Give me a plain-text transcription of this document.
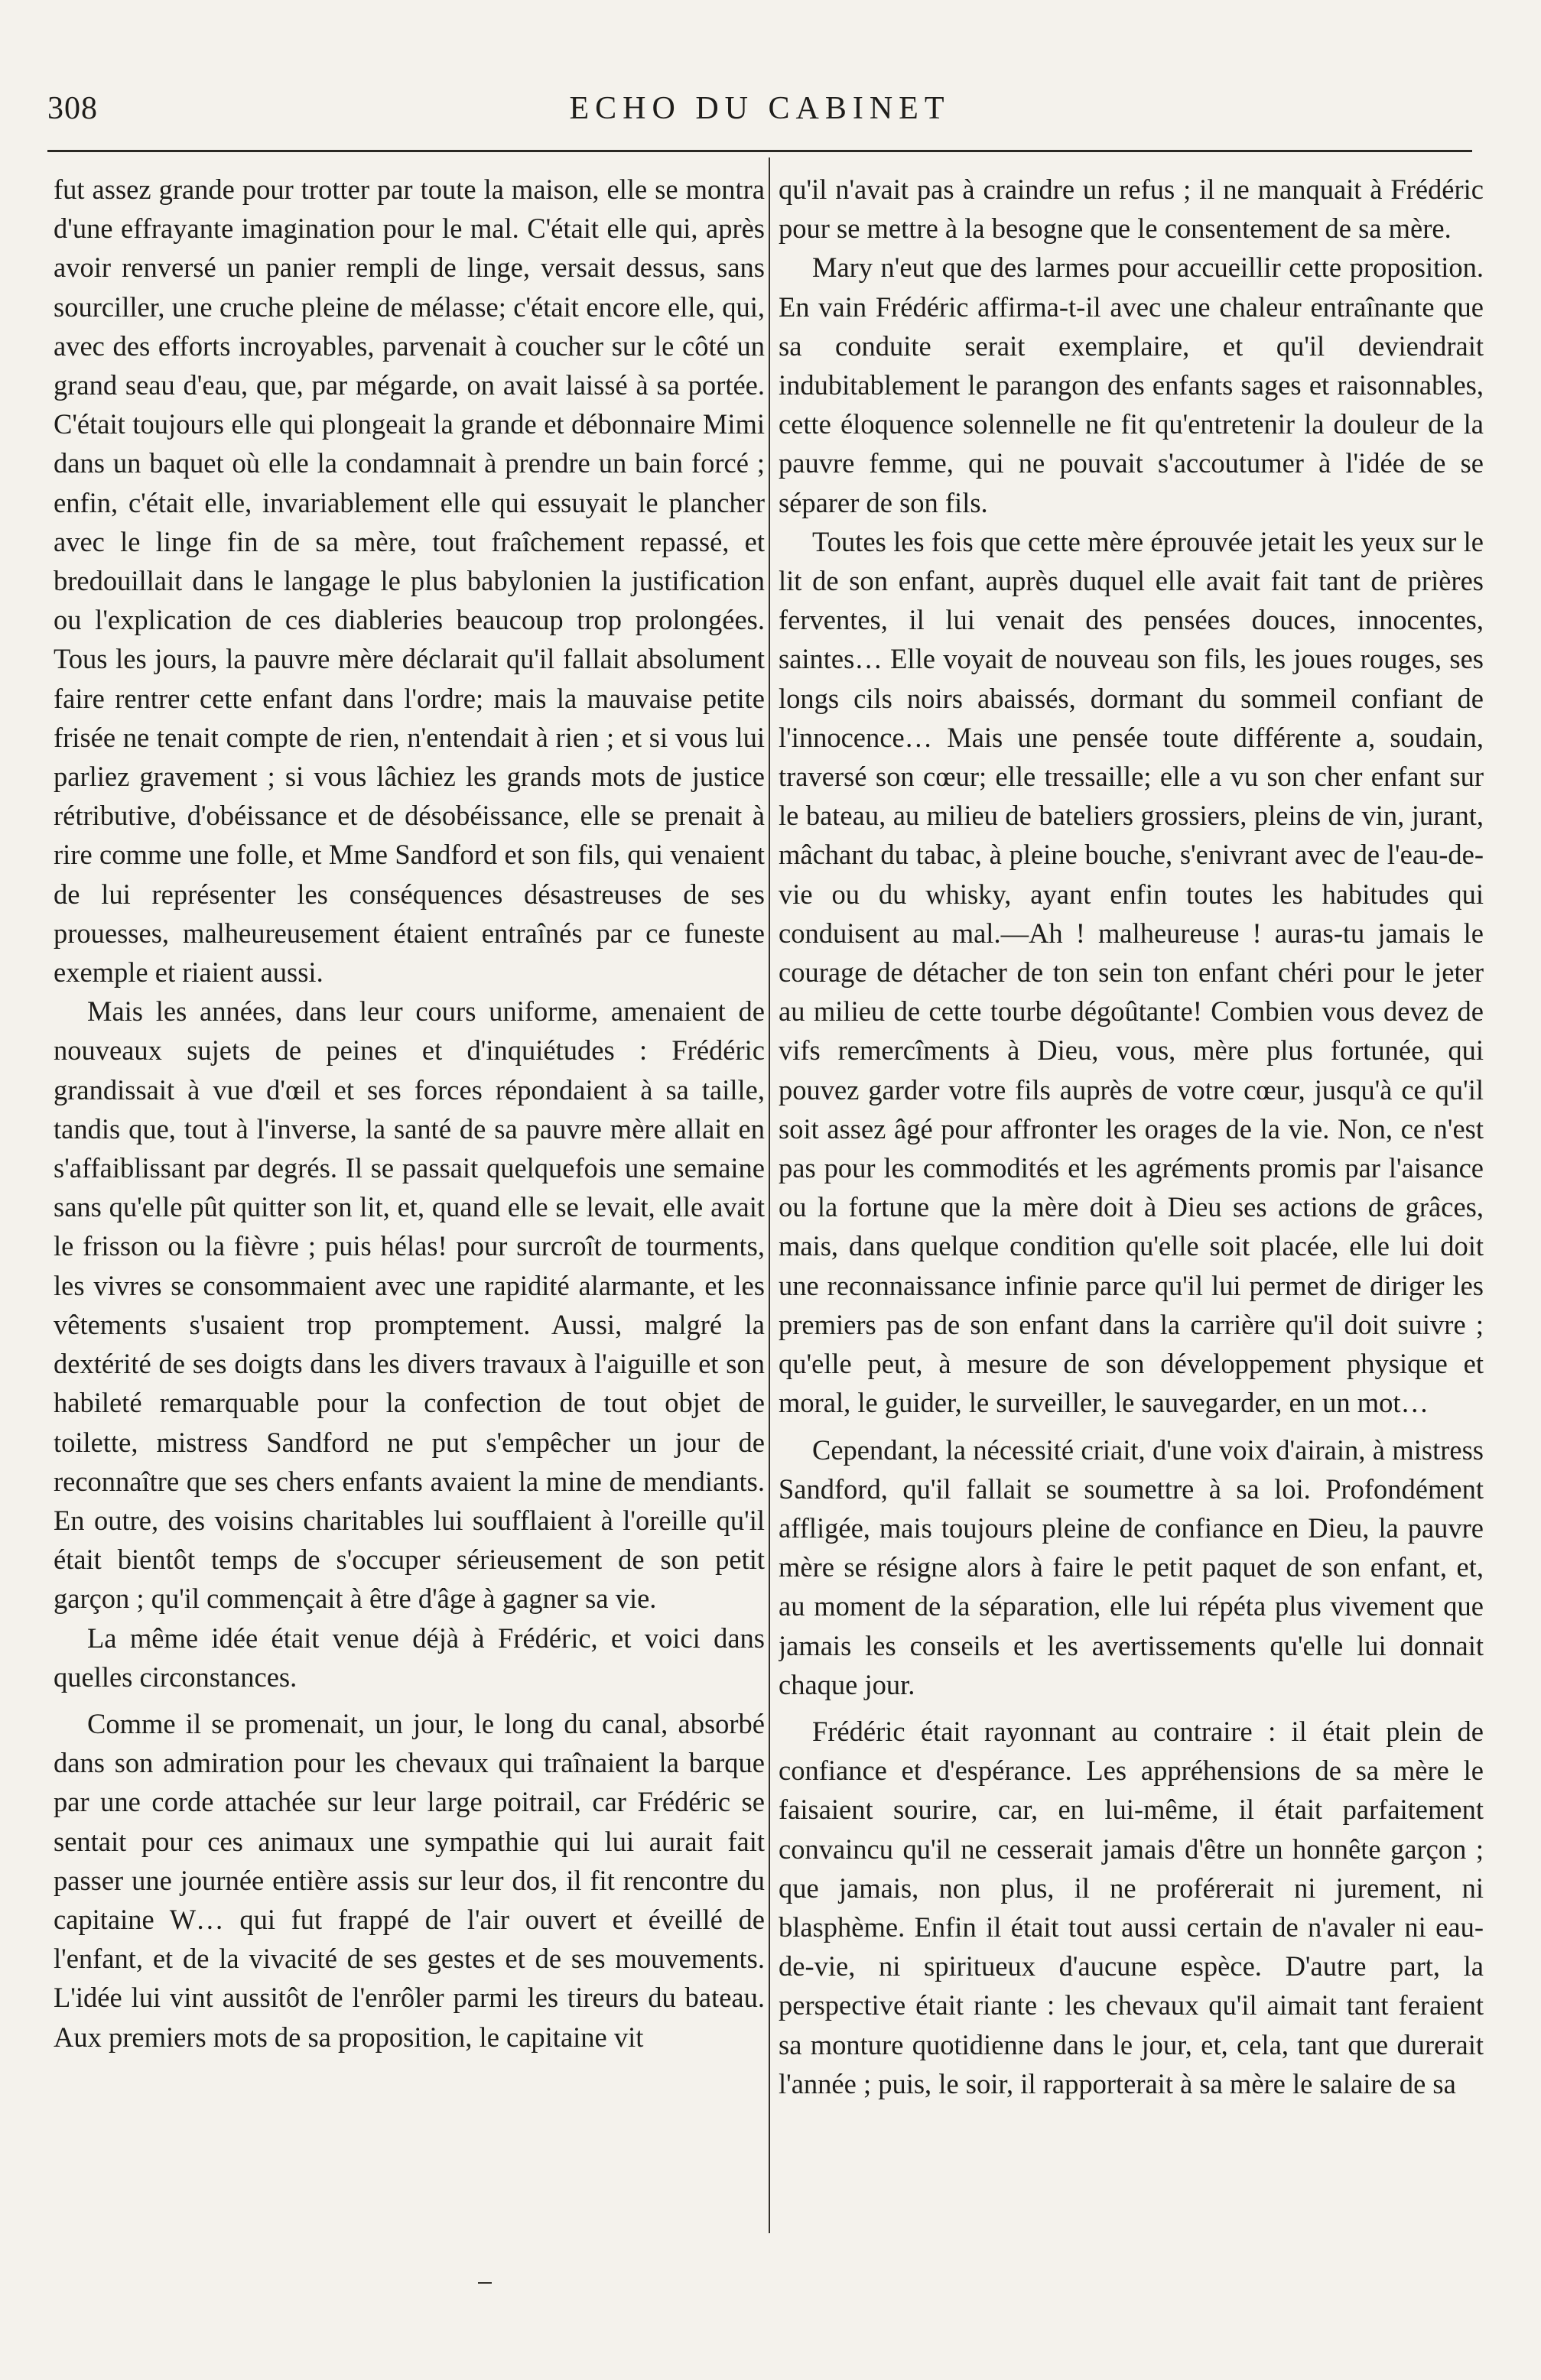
308	ECHO DU CABINET

fut assez grande pour trotter par toute la maison, elle se montra d'une effrayante imagination pour le mal. C'était elle qui, après avoir renversé un panier rempli de linge, versait dessus, sans sourciller, une cruche pleine de mélasse; c'était encore elle, qui, avec des efforts incroyables, parvenait à coucher sur le côté un grand seau d'eau, que, par mégarde, on avait laissé à sa portée. C'était toujours elle qui plongeait la grande et débonnaire Mimi dans un baquet où elle la condamnait à prendre un bain forcé ; enfin, c'était elle, invariablement elle qui essuyait le plancher avec le linge fin de sa mère, tout fraîchement repassé, et bredouillait dans le langage le plus babylonien la justification ou l'explication de ces diableries beaucoup trop prolongées. Tous les jours, la pauvre mère déclarait qu'il fallait absolument faire rentrer cette enfant dans l'ordre; mais la mauvaise petite frisée ne tenait compte de rien, n'entendait à rien ; et si vous lui parliez gravement ; si vous lâchiez les grands mots de justice rétributive, d'obéissance et de désobéissance, elle se prenait à rire comme une folle, et Mme Sandford et son fils, qui venaient de lui représenter les conséquences désastreuses de ses prouesses, malheureusement étaient entraînés par ce funeste exemple et riaient aussi.

Mais les années, dans leur cours uniforme, amenaient de nouveaux sujets de peines et d'inquiétudes : Frédéric grandissait à vue d'œil et ses forces répondaient à sa taille, tandis que, tout à l'inverse, la santé de sa pauvre mère allait en s'affaiblissant par degrés. Il se passait quelquefois une semaine sans qu'elle pût quitter son lit, et, quand elle se levait, elle avait le frisson ou la fièvre ; puis hélas! pour surcroît de tourments, les vivres se consommaient avec une rapidité alarmante, et les vêtements s'usaient trop promptement. Aussi, malgré la dextérité de ses doigts dans les divers travaux à l'aiguille et son habileté remarquable pour la confection de tout objet de toilette, mistress Sandford ne put s'empêcher un jour de reconnaître que ses chers enfants avaient la mine de mendiants. En outre, des voisins charitables lui soufflaient à l'oreille qu'il était bientôt temps de s'occuper sérieusement de son petit garçon ; qu'il commençait à être d'âge à gagner sa vie.

La même idée était venue déjà à Frédéric, et voici dans quelles circonstances.

Comme il se promenait, un jour, le long du canal, absorbé dans son admiration pour les chevaux qui traînaient la barque par une corde attachée sur leur large poitrail, car Frédéric se sentait pour ces animaux une sympathie qui lui aurait fait passer une journée entière assis sur leur dos, il fit rencontre du capitaine W… qui fut frappé de l'air ouvert et éveillé de l'enfant, et de la vivacité de ses gestes et de ses mouvements. L'idée lui vint aussitôt de l'enrôler parmi les tireurs du bateau. Aux premiers mots de sa proposition, le capitaine vit

qu'il n'avait pas à craindre un refus ; il ne manquait à Frédéric pour se mettre à la besogne que le consentement de sa mère.

Mary n'eut que des larmes pour accueillir cette proposition. En vain Frédéric affirma-t-il avec une chaleur entraînante que sa conduite serait exemplaire, et qu'il deviendrait indubitablement le parangon des enfants sages et raisonnables, cette éloquence solennelle ne fit qu'entretenir la douleur de la pauvre femme, qui ne pouvait s'accoutumer à l'idée de se séparer de son fils.

Toutes les fois que cette mère éprouvée jetait les yeux sur le lit de son enfant, auprès duquel elle avait fait tant de prières ferventes, il lui venait des pensées douces, innocentes, saintes… Elle voyait de nouveau son fils, les joues rouges, ses longs cils noirs abaissés, dormant du sommeil confiant de l'innocence… Mais une pensée toute différente a, soudain, traversé son cœur; elle tressaille; elle a vu son cher enfant sur le bateau, au milieu de bateliers grossiers, pleins de vin, jurant, mâchant du tabac, à pleine bouche, s'enivrant avec de l'eau-de-vie ou du whisky, ayant enfin toutes les habitudes qui conduisent au mal.—Ah ! malheureuse ! auras-tu jamais le courage de détacher de ton sein ton enfant chéri pour le jeter au milieu de cette tourbe dégoûtante! Combien vous devez de vifs remercîments à Dieu, vous, mère plus fortunée, qui pouvez garder votre fils auprès de votre cœur, jusqu'à ce qu'il soit assez âgé pour affronter les orages de la vie. Non, ce n'est pas pour les commodités et les agréments promis par l'aisance ou la fortune que la mère doit à Dieu ses actions de grâces, mais, dans quelque condition qu'elle soit placée, elle lui doit une reconnaissance infinie parce qu'il lui permet de diriger les premiers pas de son enfant dans la carrière qu'il doit suivre ; qu'elle peut, à mesure de son développement physique et moral, le guider, le surveiller, le sauvegarder, en un mot…

Cependant, la nécessité criait, d'une voix d'airain, à mistress Sandford, qu'il fallait se soumettre à sa loi. Profondément affligée, mais toujours pleine de confiance en Dieu, la pauvre mère se résigne alors à faire le petit paquet de son enfant, et, au moment de la séparation, elle lui répéta plus vivement que jamais les conseils et les avertissements qu'elle lui donnait chaque jour.

Frédéric était rayonnant au contraire : il était plein de confiance et d'espérance. Les appréhensions de sa mère le faisaient sourire, car, en lui-même, il était parfaitement convaincu qu'il ne cesserait jamais d'être un honnête garçon ; que jamais, non plus, il ne proférerait ni jurement, ni blasphème. Enfin il était tout aussi certain de n'avaler ni eau-de-vie, ni spiritueux d'aucune espèce. D'autre part, la perspective était riante : les chevaux qu'il aimait tant feraient sa monture quotidienne dans le jour, et, cela, tant que durerait l'année ; puis, le soir, il rapporterait à sa mère le salaire de sa
